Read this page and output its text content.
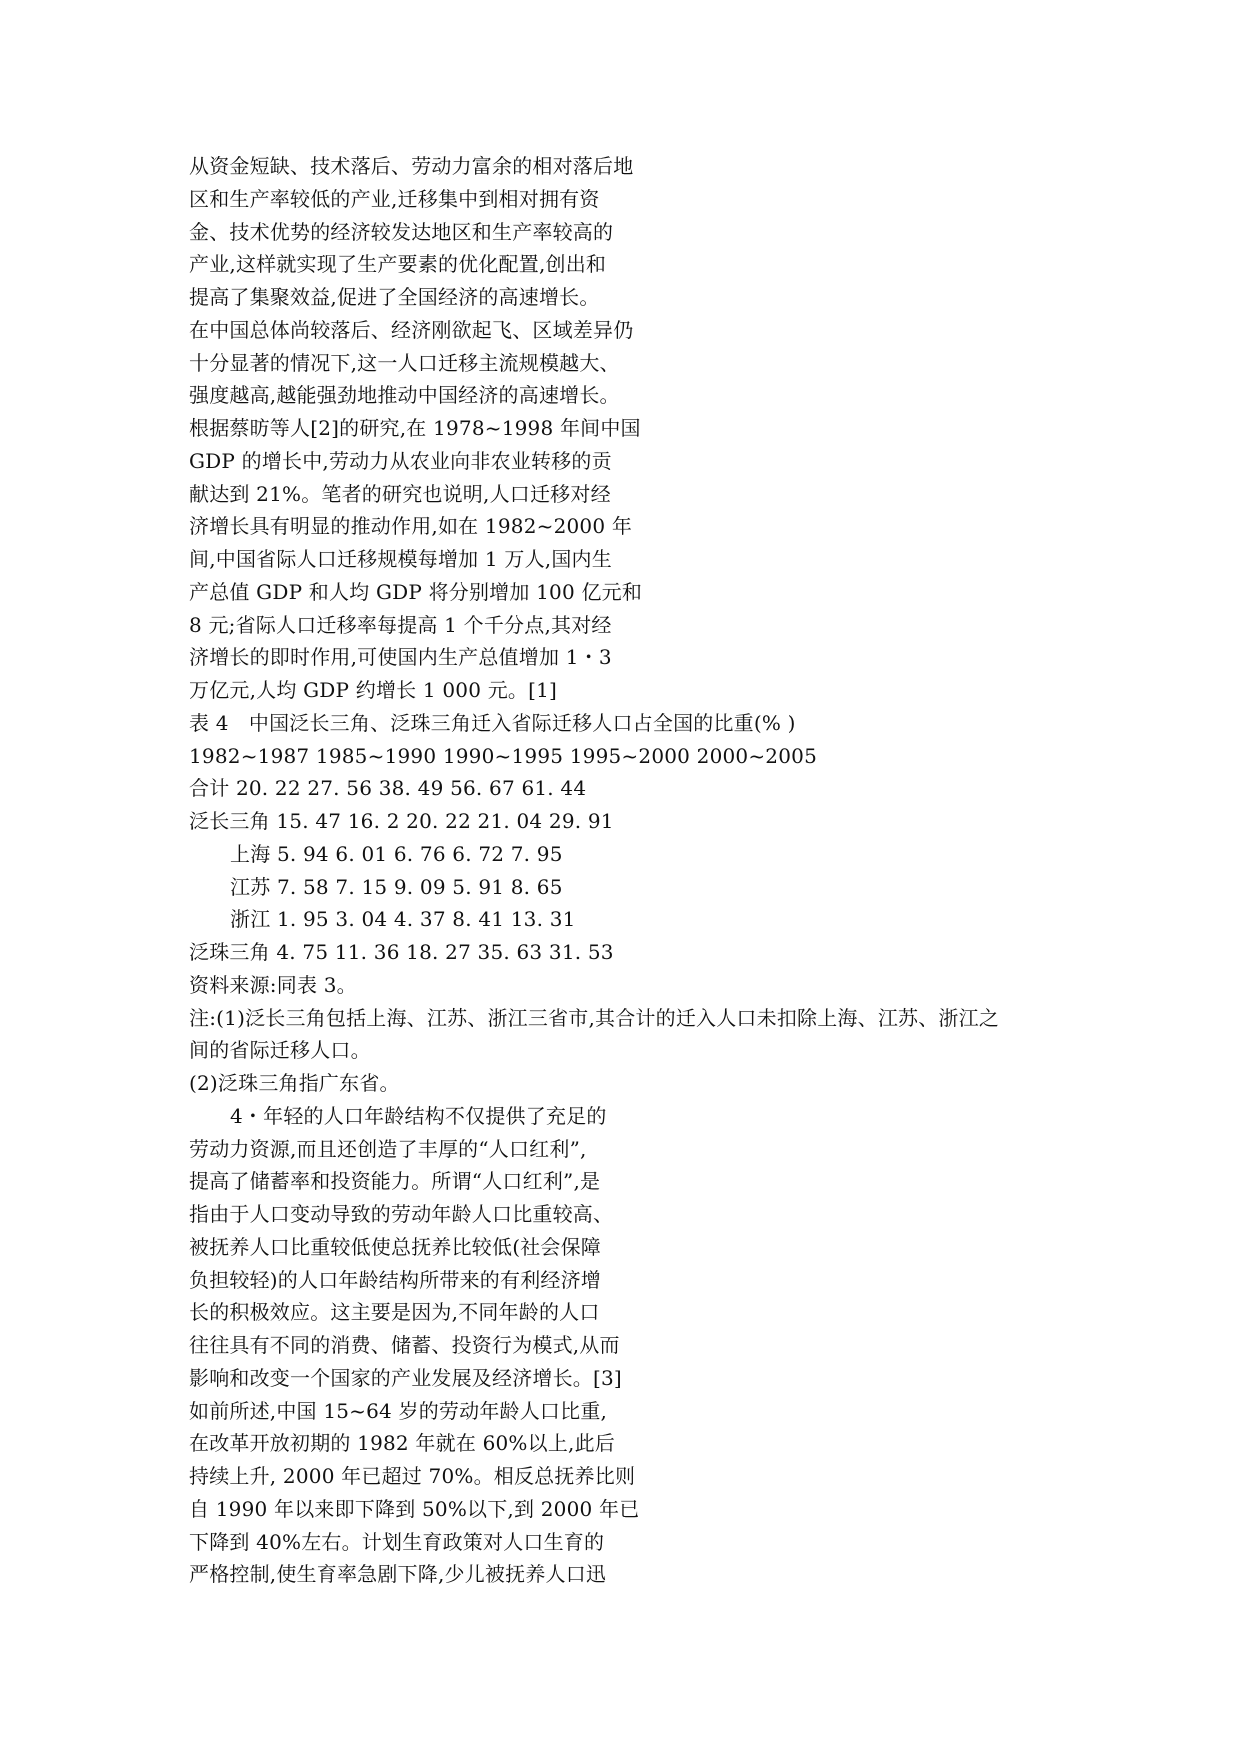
从资金短缺、技术落后、劳动力富余的相对落后地
区和生产率较低的产业,迁移集中到相对拥有资
金、技术优势的经济较发达地区和生产率较高的
产业,这样就实现了生产要素的优化配置,创出和
提高了集聚效益,促进了全国经济的高速增长。
在中国总体尚较落后、经济刚欲起飞、区域差异仍
十分显著的情况下,这一人口迁移主流规模越大、
强度越高,越能强劲地推动中国经济的高速增长。
根据蔡昉等人[2]的研究,在 1978~1998 年间中国
GDP 的增长中,劳动力从农业向非农业转移的贡
献达到 21%。笔者的研究也说明,人口迁移对经
济增长具有明显的推动作用,如在 1982~2000 年
间,中国省际人口迁移规模每增加 1 万人,国内生
产总值 GDP 和人均 GDP 将分别增加 100 亿元和
8 元;省际人口迁移率每提高 1 个千分点,其对经
济增长的即时作用,可使国内生产总值增加 1・3
万亿元,人均 GDP 约增长 1 000 元。[1]
表 4　中国泛长三角、泛珠三角迁入省际迁移人口占全国的比重(% )
1982~1987 1985~1990 1990~1995 1995~2000 2000~2005
合计 20. 22 27. 56 38. 49 56. 67 61. 44
泛长三角 15. 47 16. 2 20. 22 21. 04 29. 91
上海 5. 94 6. 01 6. 76 6. 72 7. 95
江苏 7. 58 7. 15 9. 09 5. 91 8. 65
浙江 1. 95 3. 04 4. 37 8. 41 13. 31
泛珠三角 4. 75 11. 36 18. 27 35. 63 31. 53
资料来源:同表 3。
注:(1)泛长三角包括上海、江苏、浙江三省市,其合计的迁入人口未扣除上海、江苏、浙江之
间的省际迁移人口。
(2)泛珠三角指广东省。
4・年轻的人口年龄结构不仅提供了充足的
劳动力资源,而且还创造了丰厚的“人口红利”,
提高了储蓄率和投资能力。所谓“人口红利”,是
指由于人口变动导致的劳动年龄人口比重较高、
被抚养人口比重较低使总抚养比较低(社会保障
负担较轻)的人口年龄结构所带来的有利经济增
长的积极效应。这主要是因为,不同年龄的人口
往往具有不同的消费、储蓄、投资行为模式,从而
影响和改变一个国家的产业发展及经济增长。[3]
如前所述,中国 15~64 岁的劳动年龄人口比重,
在改革开放初期的 1982 年就在 60%以上,此后
持续上升, 2000 年已超过 70%。相反总抚养比则
自 1990 年以来即下降到 50%以下,到 2000 年已
下降到 40%左右。计划生育政策对人口生育的
严格控制,使生育率急剧下降,少儿被抚养人口迅
